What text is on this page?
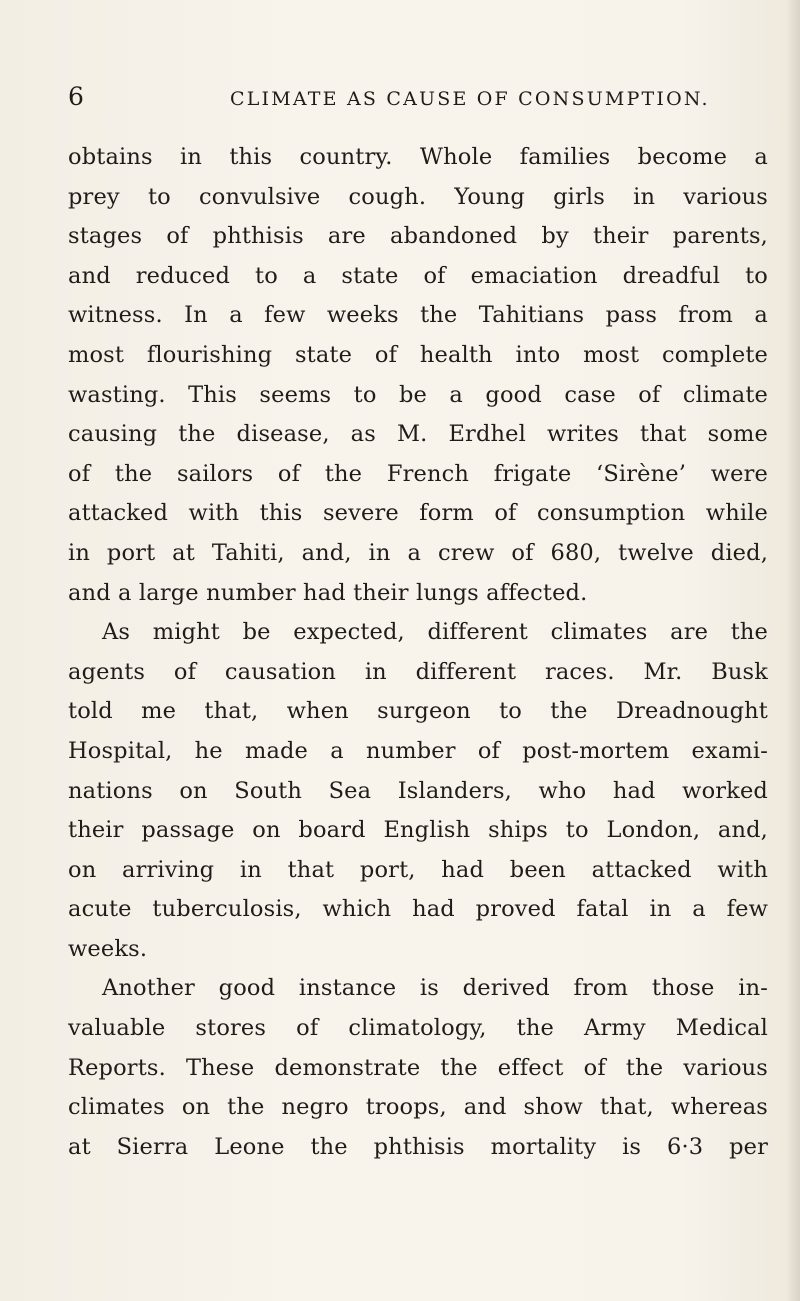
6	CLIMATE AS CAUSE OF CONSUMPTION.
obtains in this country. Whole families become a
prey to convulsive cough. Young girls in various
stages of phthisis are abandoned by their parents,
and reduced to a state of emaciation dreadful to
witness. In a few weeks the Tahitians pass from a
most flourishing state of health into most complete
wasting. This seems to be a good case of climate
causing the disease, as M. Erdhel writes that some
of the sailors of the French frigate ‘Sirène’ were
attacked with this severe form of consumption while
in port at Tahiti, and, in a crew of 680, twelve died,
and a large number had their lungs affected.
As might be expected, different climates are the
agents of causation in different races. Mr. Busk
told me that, when surgeon to the Dreadnought
Hospital, he made a number of post-mortem exami-
nations on South Sea Islanders, who had worked
their passage on board English ships to London, and,
on arriving in that port, had been attacked with
acute tuberculosis, which had proved fatal in a few
weeks.
Another good instance is derived from those in-
valuable stores of climatology, the Army Medical
Reports. These demonstrate the effect of the various
climates on the negro troops, and show that, whereas
at Sierra Leone the phthisis mortality is 6·3 per
